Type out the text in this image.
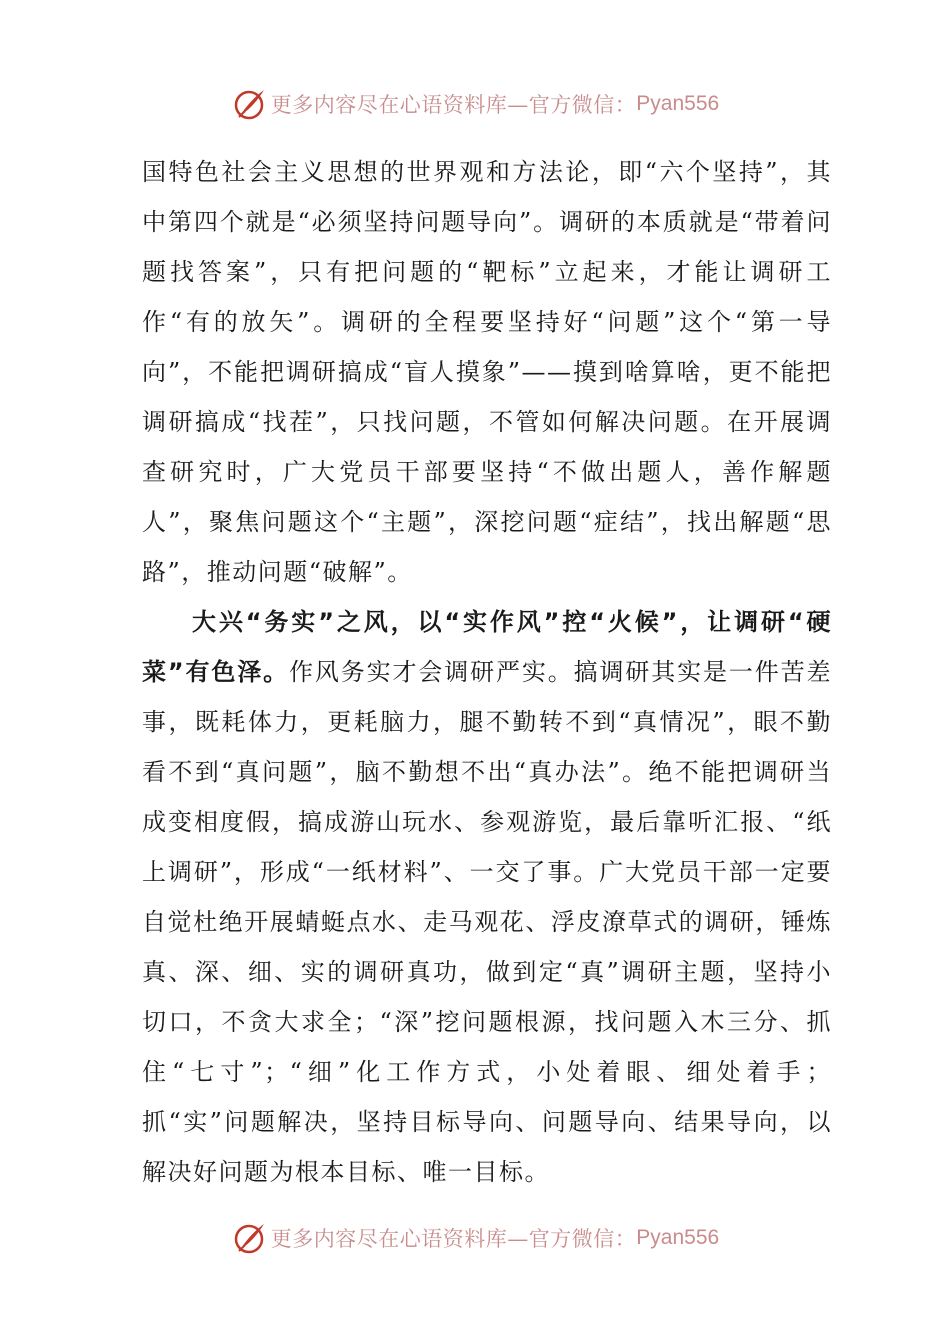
更多内容尽在心语资料库—官方微信： Pyan556

国特色社会主义思想的世界观和方法论，即“六个坚持”，其中第四个就是“必须坚持问题导向”。调研的本质就是“带着问题找答案”，只有把问题的“靶标”立起来，才能让调研工作“有的放矢”。调研的全程要坚持好“问题”这个“第一导向”，不能把调研搞成“盲人摸象”——摸到啥算啥，更不能把调研搞成“找茬”，只找问题，不管如何解决问题。在开展调查研究时，广大党员干部要坚持“不做出题人，善作解题人”，聚焦问题这个“主题”，深挖问题“症结”，找出解题“思路”，推动问题“破解”。

大兴“务实”之风，以“实作风”控“火候”，让调研“硬菜”有色泽。作风务实才会调研严实。搞调研其实是一件苦差事，既耗体力，更耗脑力，腿不勤转不到“真情况”，眼不勤看不到“真问题”，脑不勤想不出“真办法”。绝不能把调研当成变相度假，搞成游山玩水、参观游览，最后靠听汇报、“纸上调研”，形成“一纸材料”、一交了事。广大党员干部一定要自觉杜绝开展蜻蜓点水、走马观花、浮皮潦草式的调研，锤炼真、深、细、实的调研真功，做到定“真”调研主题，坚持小切口，不贪大求全；“深”挖问题根源，找问题入木三分、抓住“七寸”；“细”化工作方式，小处着眼、细处着手；抓“实”问题解决，坚持目标导向、问题导向、结果导向，以解决好问题为根本目标、唯一目标。

更多内容尽在心语资料库—官方微信： Pyan556
